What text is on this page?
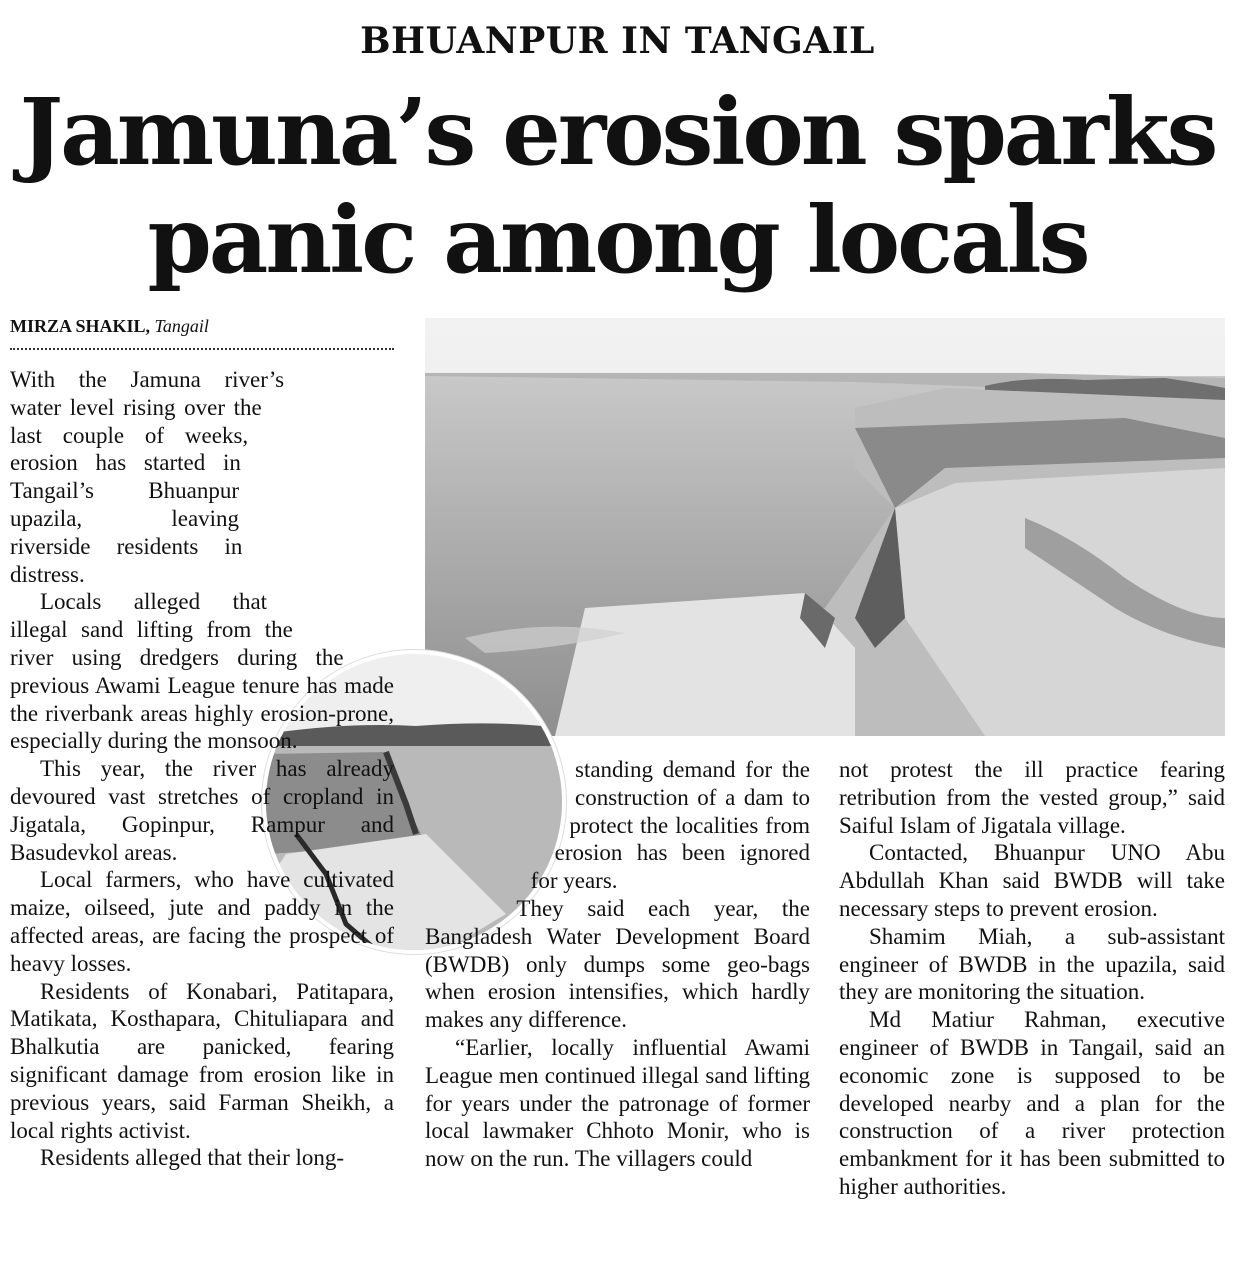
BHUANPUR IN TANGAIL
Jamuna’s erosion sparks
panic among locals
MIRZA SHAKIL, Tangail

With the Jamuna river’s water level rising over the last couple of weeks, erosion has started in Tangail’s Bhuanpur upazila, leaving riverside residents in distress.

Locals alleged that illegal sand lifting from the river using dredgers during the previous Awami League tenure has made the riverbank areas highly erosion-prone, especially during the monsoon.

This year, the river has already devoured vast stretches of cropland in Jigatala, Gopinpur, Rampur and Basudevkol areas.

Local farmers, who have cultivated maize, oilseed, jute and paddy in the affected areas, are facing the prospect of heavy losses.

Residents of Konabari, Patitapara, Matikata, Kosthapara, Chituliapara and Bhalkutia are panicked, fearing significant damage from erosion like in previous years, said Farman Sheikh, a local rights activist.

Residents alleged that their long-

standing demand for the construction of a dam to protect the localities from erosion has been ignored for years.

They said each year, the Bangladesh Water Development Board (BWDB) only dumps some geo-bags when erosion intensifies, which hardly makes any difference.

“Earlier, locally influential Awami League men continued illegal sand lifting for years under the patronage of former local lawmaker Chhoto Monir, who is now on the run. The villagers could

not protest the ill practice fearing retribution from the vested group,” said Saiful Islam of Jigatala village.

Contacted, Bhuanpur UNO Abu Abdullah Khan said BWDB will take necessary steps to prevent erosion.

Shamim Miah, a sub-assistant engineer of BWDB in the upazila, said they are monitoring the situation.

Md Matiur Rahman, executive engineer of BWDB in Tangail, said an economic zone is supposed to be developed nearby and a plan for the construction of a river protection embankment for it has been submitted to higher authorities.
